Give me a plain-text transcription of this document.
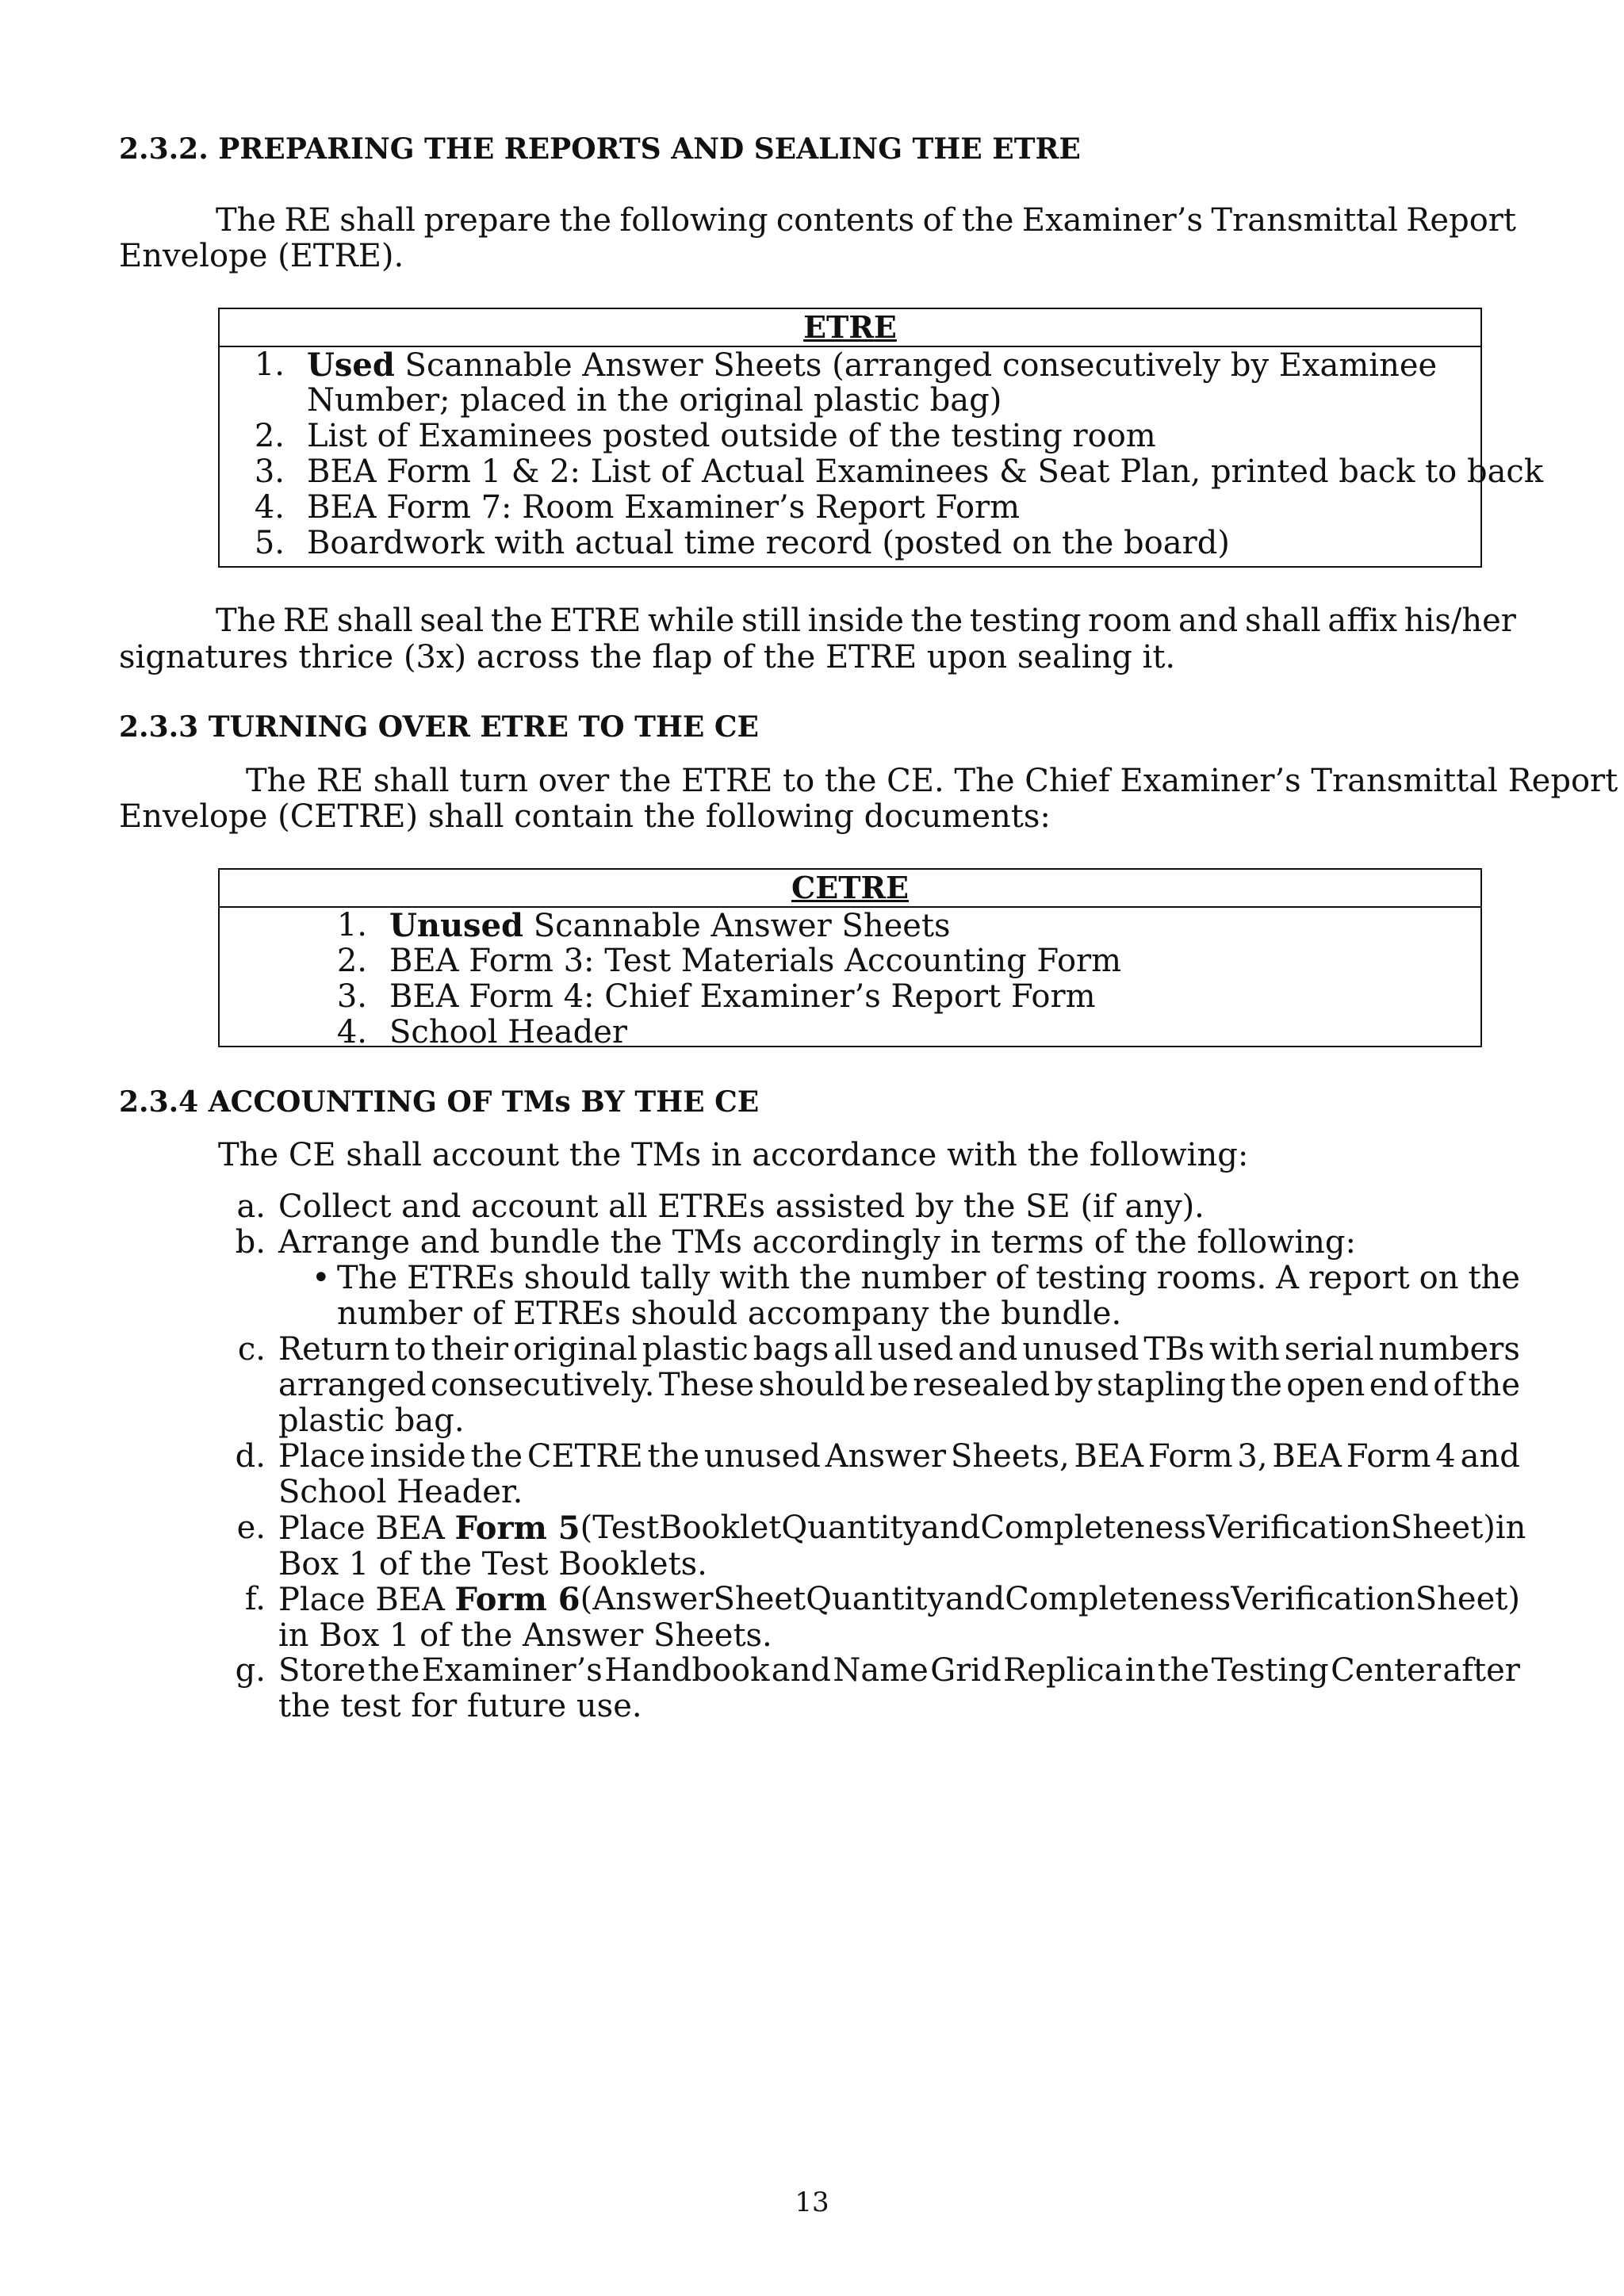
2.3.2. PREPARING THE REPORTS AND SEALING THE ETRE
The RE shall prepare the following contents of the Examiner’s Transmittal Report
Envelope (ETRE).
ETRE
1. Used Scannable Answer Sheets (arranged consecutively by Examinee
Number; placed in the original plastic bag)
2. List of Examinees posted outside of the testing room
3. BEA Form 1 & 2: List of Actual Examinees & Seat Plan, printed back to back
4. BEA Form 7: Room Examiner’s Report Form
5. Boardwork with actual time record (posted on the board)
The RE shall seal the ETRE while still inside the testing room and shall affix his/her
signatures thrice (3x) across the flap of the ETRE upon sealing it.
2.3.3 TURNING OVER ETRE TO THE CE
The RE shall turn over the ETRE to the CE. The Chief Examiner’s Transmittal Report
Envelope (CETRE) shall contain the following documents:
CETRE
1. Unused Scannable Answer Sheets
2. BEA Form 3: Test Materials Accounting Form
3. BEA Form 4: Chief Examiner’s Report Form
4. School Header
2.3.4 ACCOUNTING OF TMs BY THE CE
The CE shall account the TMs in accordance with the following:
a. Collect and account all ETREs assisted by the SE (if any).
b. Arrange and bundle the TMs accordingly in terms of the following:
• The ETREs should tally with the number of testing rooms. A report on the
number of ETREs should accompany the bundle.
c. Return to their original plastic bags all used and unused TBs with serial numbers
arranged consecutively. These should be resealed by stapling the open end of the
plastic bag.
d. Place inside the CETRE the unused Answer Sheets, BEA Form 3, BEA Form 4 and
School Header.
e. Place BEA Form 5 (Test Booklet Quantity and Completeness Verification Sheet) in
Box 1 of the Test Booklets.
f. Place BEA Form 6 (Answer Sheet Quantity and Completeness Verification Sheet)
in Box 1 of the Answer Sheets.
g. Store the Examiner’s Handbook and Name Grid Replica in the Testing Center after
the test for future use.
13
